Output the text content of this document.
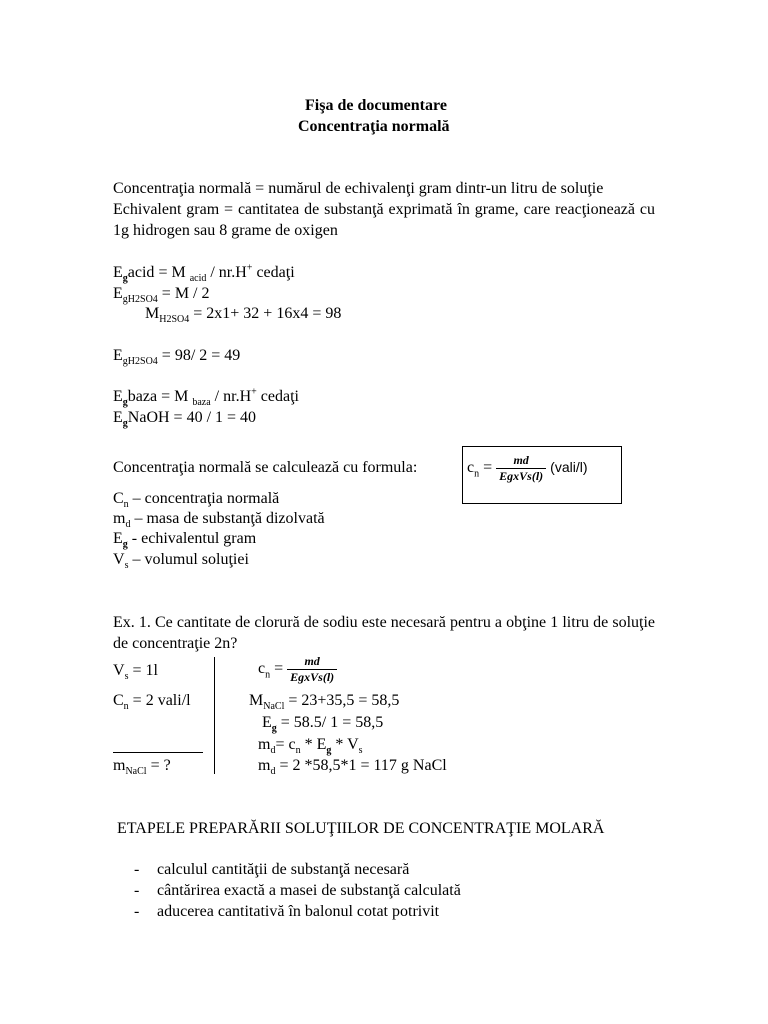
Fişa de documentare
Concentraţia normală
Concentraţia normală = numărul de echivalenţi gram dintr-un litru de soluţie
Echivalent gram = cantitatea de substanţă exprimată în grame, care reacţionează cu 1g hidrogen sau 8 grame de oxigen
$E_gacid = M$ $_{acid}$ / nr.H+ cedaţi
$E_{gH2SO4} = M / 2$
$M_{H2SO4} = 2x1+ 32 + 16x4 = 98$
$E_{gH2SO4} = 98/$ 2 = 49
$E_gbaza = M$ $_{baza}$ / nr.H+ cedaţi
$E_gNaOH = 40 / 1 = 40$
Concentraţia normală se calculează cu formula:	$c_n = \frac{md}{\text{EgxVs(l)}}$ (vali/l)
$C_n$ – concentraţia normală
$m_d$ – masa de substanţă dizolvată
$E_g$ - echivalentul gram
$V_s$ – volumul soluţiei
Ex. 1. Ce cantitate de clorură de sodiu este necesară pentru a obţine 1 litru de soluţie de concentraţie 2n?
$V_s = 1l$
$C_n = 2$ vali/l
$m_{NaCl}$ = ?
$c_n = \frac{md}{\text{EgxVs(l)}}$
$M_{NaCl} = 23+35,5 = 58,5$
$E_g = 58.5/$ 1 = 58,5
$m_d= c_n * E_g * V_s$
$m_d = 2$ *58,5*1 = 117 g NaCl
ETAPELE PREPARĂRII SOLUŢIILOR DE CONCENTRAŢIE MOLARĂ
- calculul cantităţii de substanţă necesară
- cântărirea exactă a masei de substanţă calculată
- aducerea cantitativă în balonul cotat potrivit
